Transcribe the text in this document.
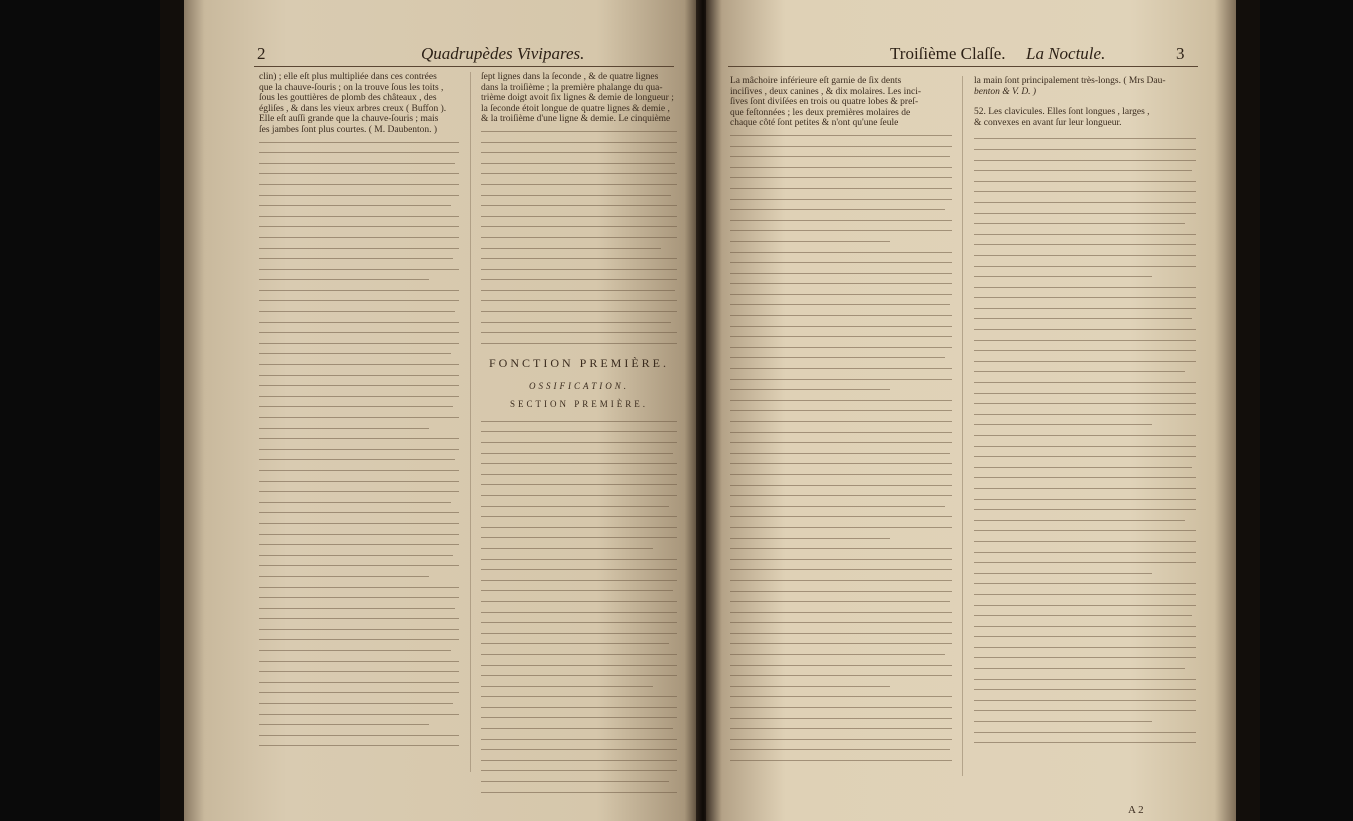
2	Quadrupèdes Vivipares.
clin) ; elle eſt plus multipliée dans ces contrées
que la chauve-ſouris ; on la trouve ſous les toits ,
ſous les gouttières de plomb des châteaux , des
égliſes , & dans les vieux arbres creux ( Buffon ).
Elle eſt auſſi grande que la chauve-ſouris ; mais
ſes jambes ſont plus courtes. ( M. Daubenton. )
ſept lignes dans la ſeconde , & de quatre lignes
dans la troiſième ; la première phalange du qua-
trième doigt avoit ſix lignes & demie de longueur ;
la ſeconde étoit longue de quatre lignes & demie ,
& la troiſième d'une ligne & demie. Le cinquième
FONCTION PREMIÈRE.
OSSIFICATION.
SECTION PREMIÈRE.
Troiſième Claſſe. La Noctule.	3
La mâchoire inférieure eſt garnie de ſix dents
inciſives , deux canines , & dix molaires. Les inci-
ſives ſont diviſées en trois ou quatre lobes & preſ-
que feſtonnées ; les deux premières molaires de
chaque côté ſont petites & n'ont qu'une ſeule
la main ſont principalement très-longs. ( Mrs Dau-
benton & V. D. )
52. Les clavicules. Elles ſont longues , larges ,
& convexes en avant ſur leur longueur.
A 2
